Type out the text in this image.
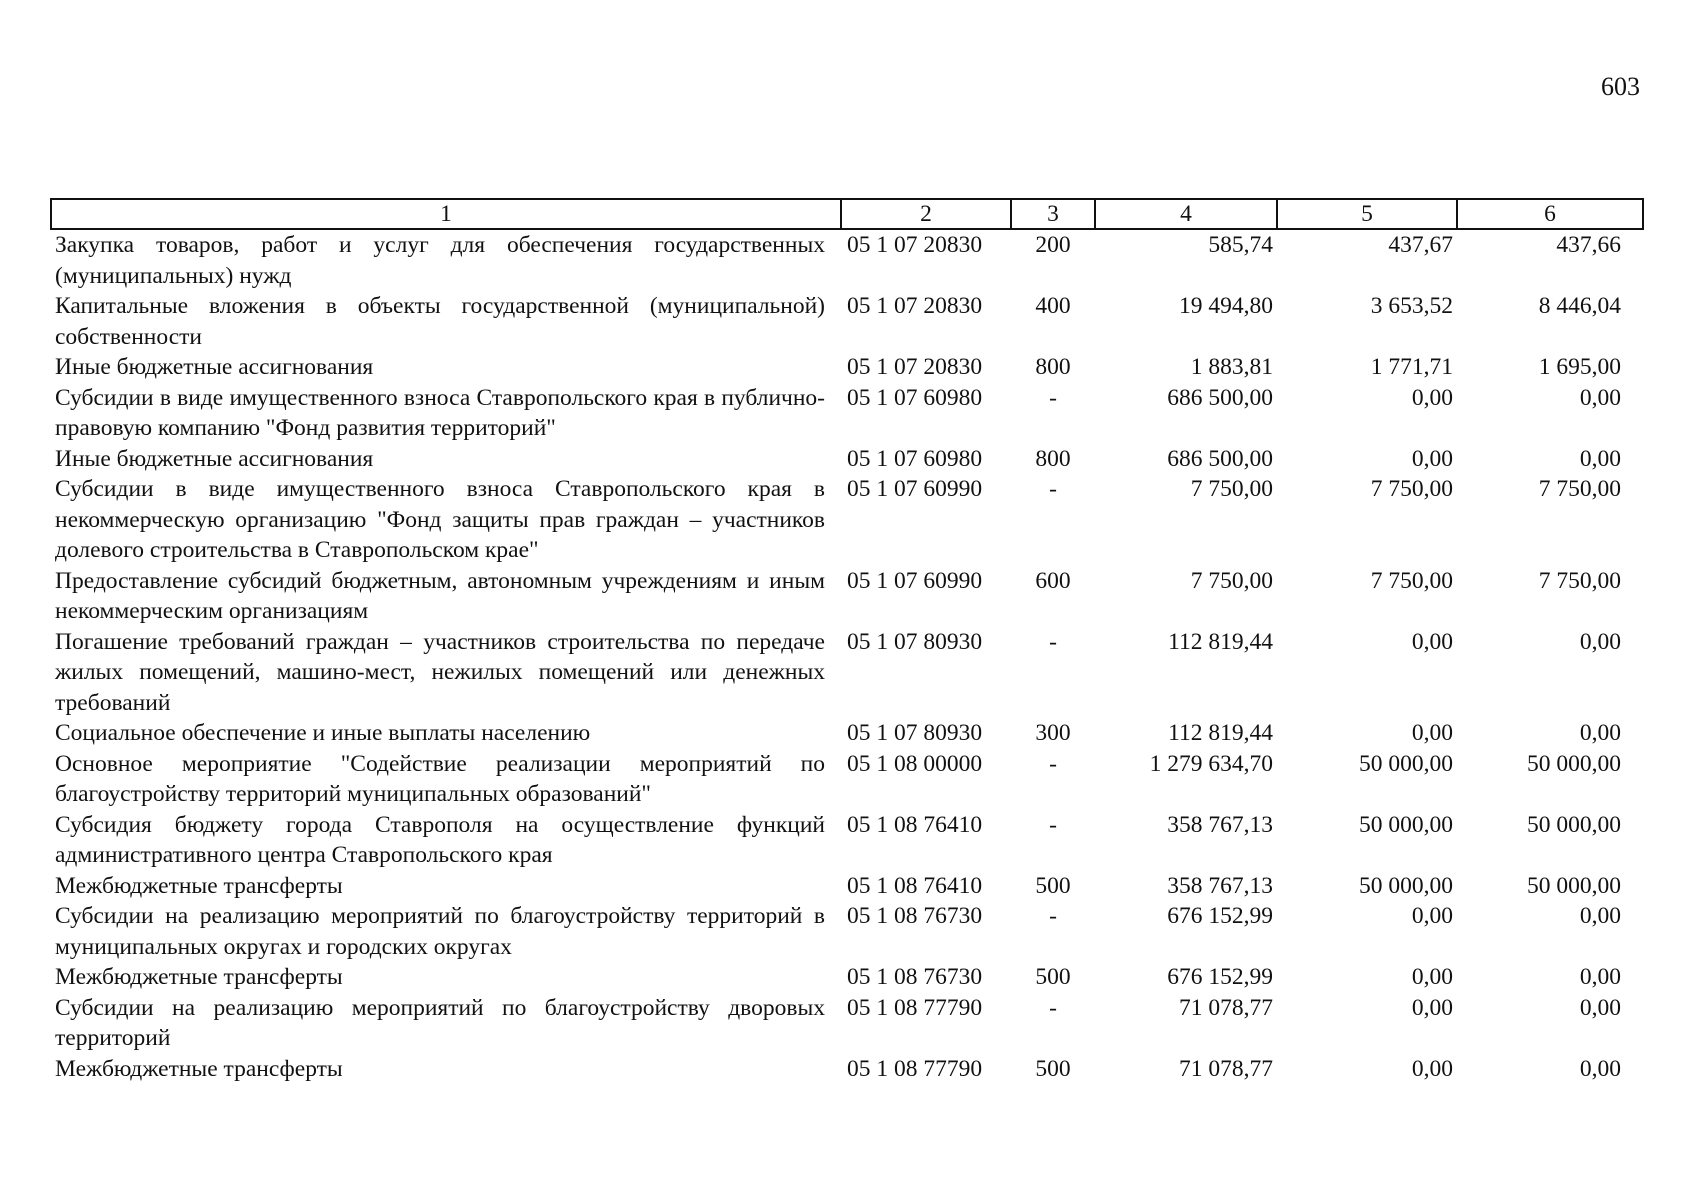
603
1	2	3	4	5	6
Закупка товаров, работ и услуг для обеспечения государственных (муниципальных) нужд	05 1 07 20830	200	585,74	437,67	437,66
Капитальные вложения в объекты государственной (муниципальной) собственности	05 1 07 20830	400	19 494,80	3 653,52	8 446,04
Иные бюджетные ассигнования	05 1 07 20830	800	1 883,81	1 771,71	1 695,00
Субсидии в виде имущественного взноса Ставропольского края в публично-правовую компанию "Фонд развития территорий"	05 1 07 60980	-	686 500,00	0,00	0,00
Иные бюджетные ассигнования	05 1 07 60980	800	686 500,00	0,00	0,00
Субсидии в виде имущественного взноса Ставропольского края в некоммерческую организацию "Фонд защиты прав граждан – участников долевого строительства в Ставропольском крае"	05 1 07 60990	-	7 750,00	7 750,00	7 750,00
Предоставление субсидий бюджетным, автономным учреждениям и иным некоммерческим организациям	05 1 07 60990	600	7 750,00	7 750,00	7 750,00
Погашение требований граждан – участников строительства по передаче жилых помещений, машино-мест, нежилых помещений или денежных требований	05 1 07 80930	-	112 819,44	0,00	0,00
Социальное обеспечение и иные выплаты населению	05 1 07 80930	300	112 819,44	0,00	0,00
Основное мероприятие "Содействие реализации мероприятий по благоустройству территорий муниципальных образований"	05 1 08 00000	-	1 279 634,70	50 000,00	50 000,00
Субсидия бюджету города Ставрополя на осуществление функций административного центра Ставропольского края	05 1 08 76410	-	358 767,13	50 000,00	50 000,00
Межбюджетные трансферты	05 1 08 76410	500	358 767,13	50 000,00	50 000,00
Субсидии на реализацию мероприятий по благоустройству территорий в муниципальных округах и городских округах	05 1 08 76730	-	676 152,99	0,00	0,00
Межбюджетные трансферты	05 1 08 76730	500	676 152,99	0,00	0,00
Субсидии на реализацию мероприятий по благоустройству дворовых территорий	05 1 08 77790	-	71 078,77	0,00	0,00
Межбюджетные трансферты	05 1 08 77790	500	71 078,77	0,00	0,00
